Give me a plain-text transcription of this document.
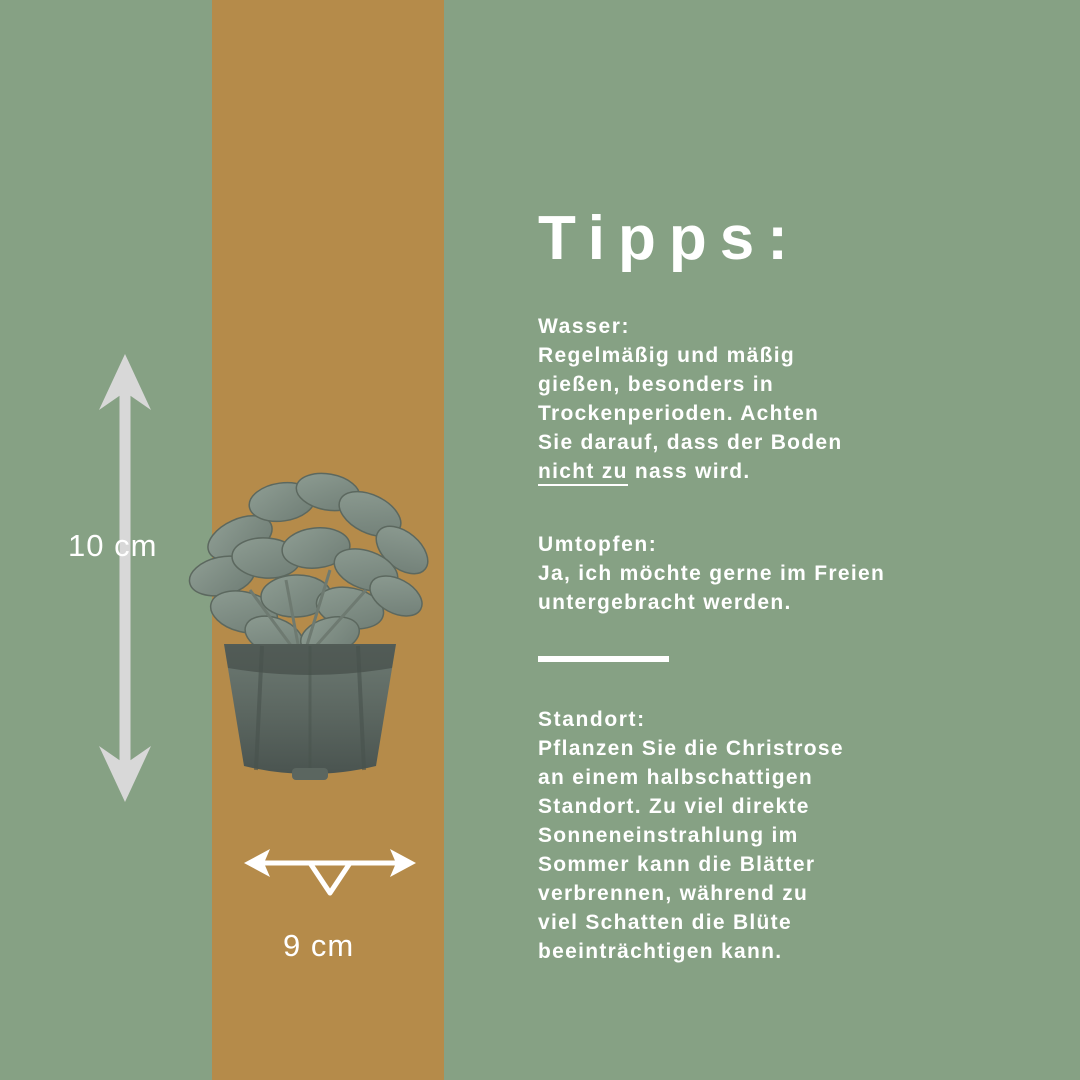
10 cm
9 cm
Tipps:

Wasser:

Regelmäßig und mäßig

gießen, besonders in

Trockenperioden. Achten

Sie darauf, dass der Boden

nicht zu nass wird.

Umtopfen:

Ja, ich möchte gerne im Freien

untergebracht werden.

Standort:

Pflanzen Sie die Christrose

an einem halbschattigen

Standort. Zu viel direkte

Sonneneinstrahlung im

Sommer kann die Blätter

verbrennen, während zu

viel Schatten die Blüte

beeinträchtigen kann.
